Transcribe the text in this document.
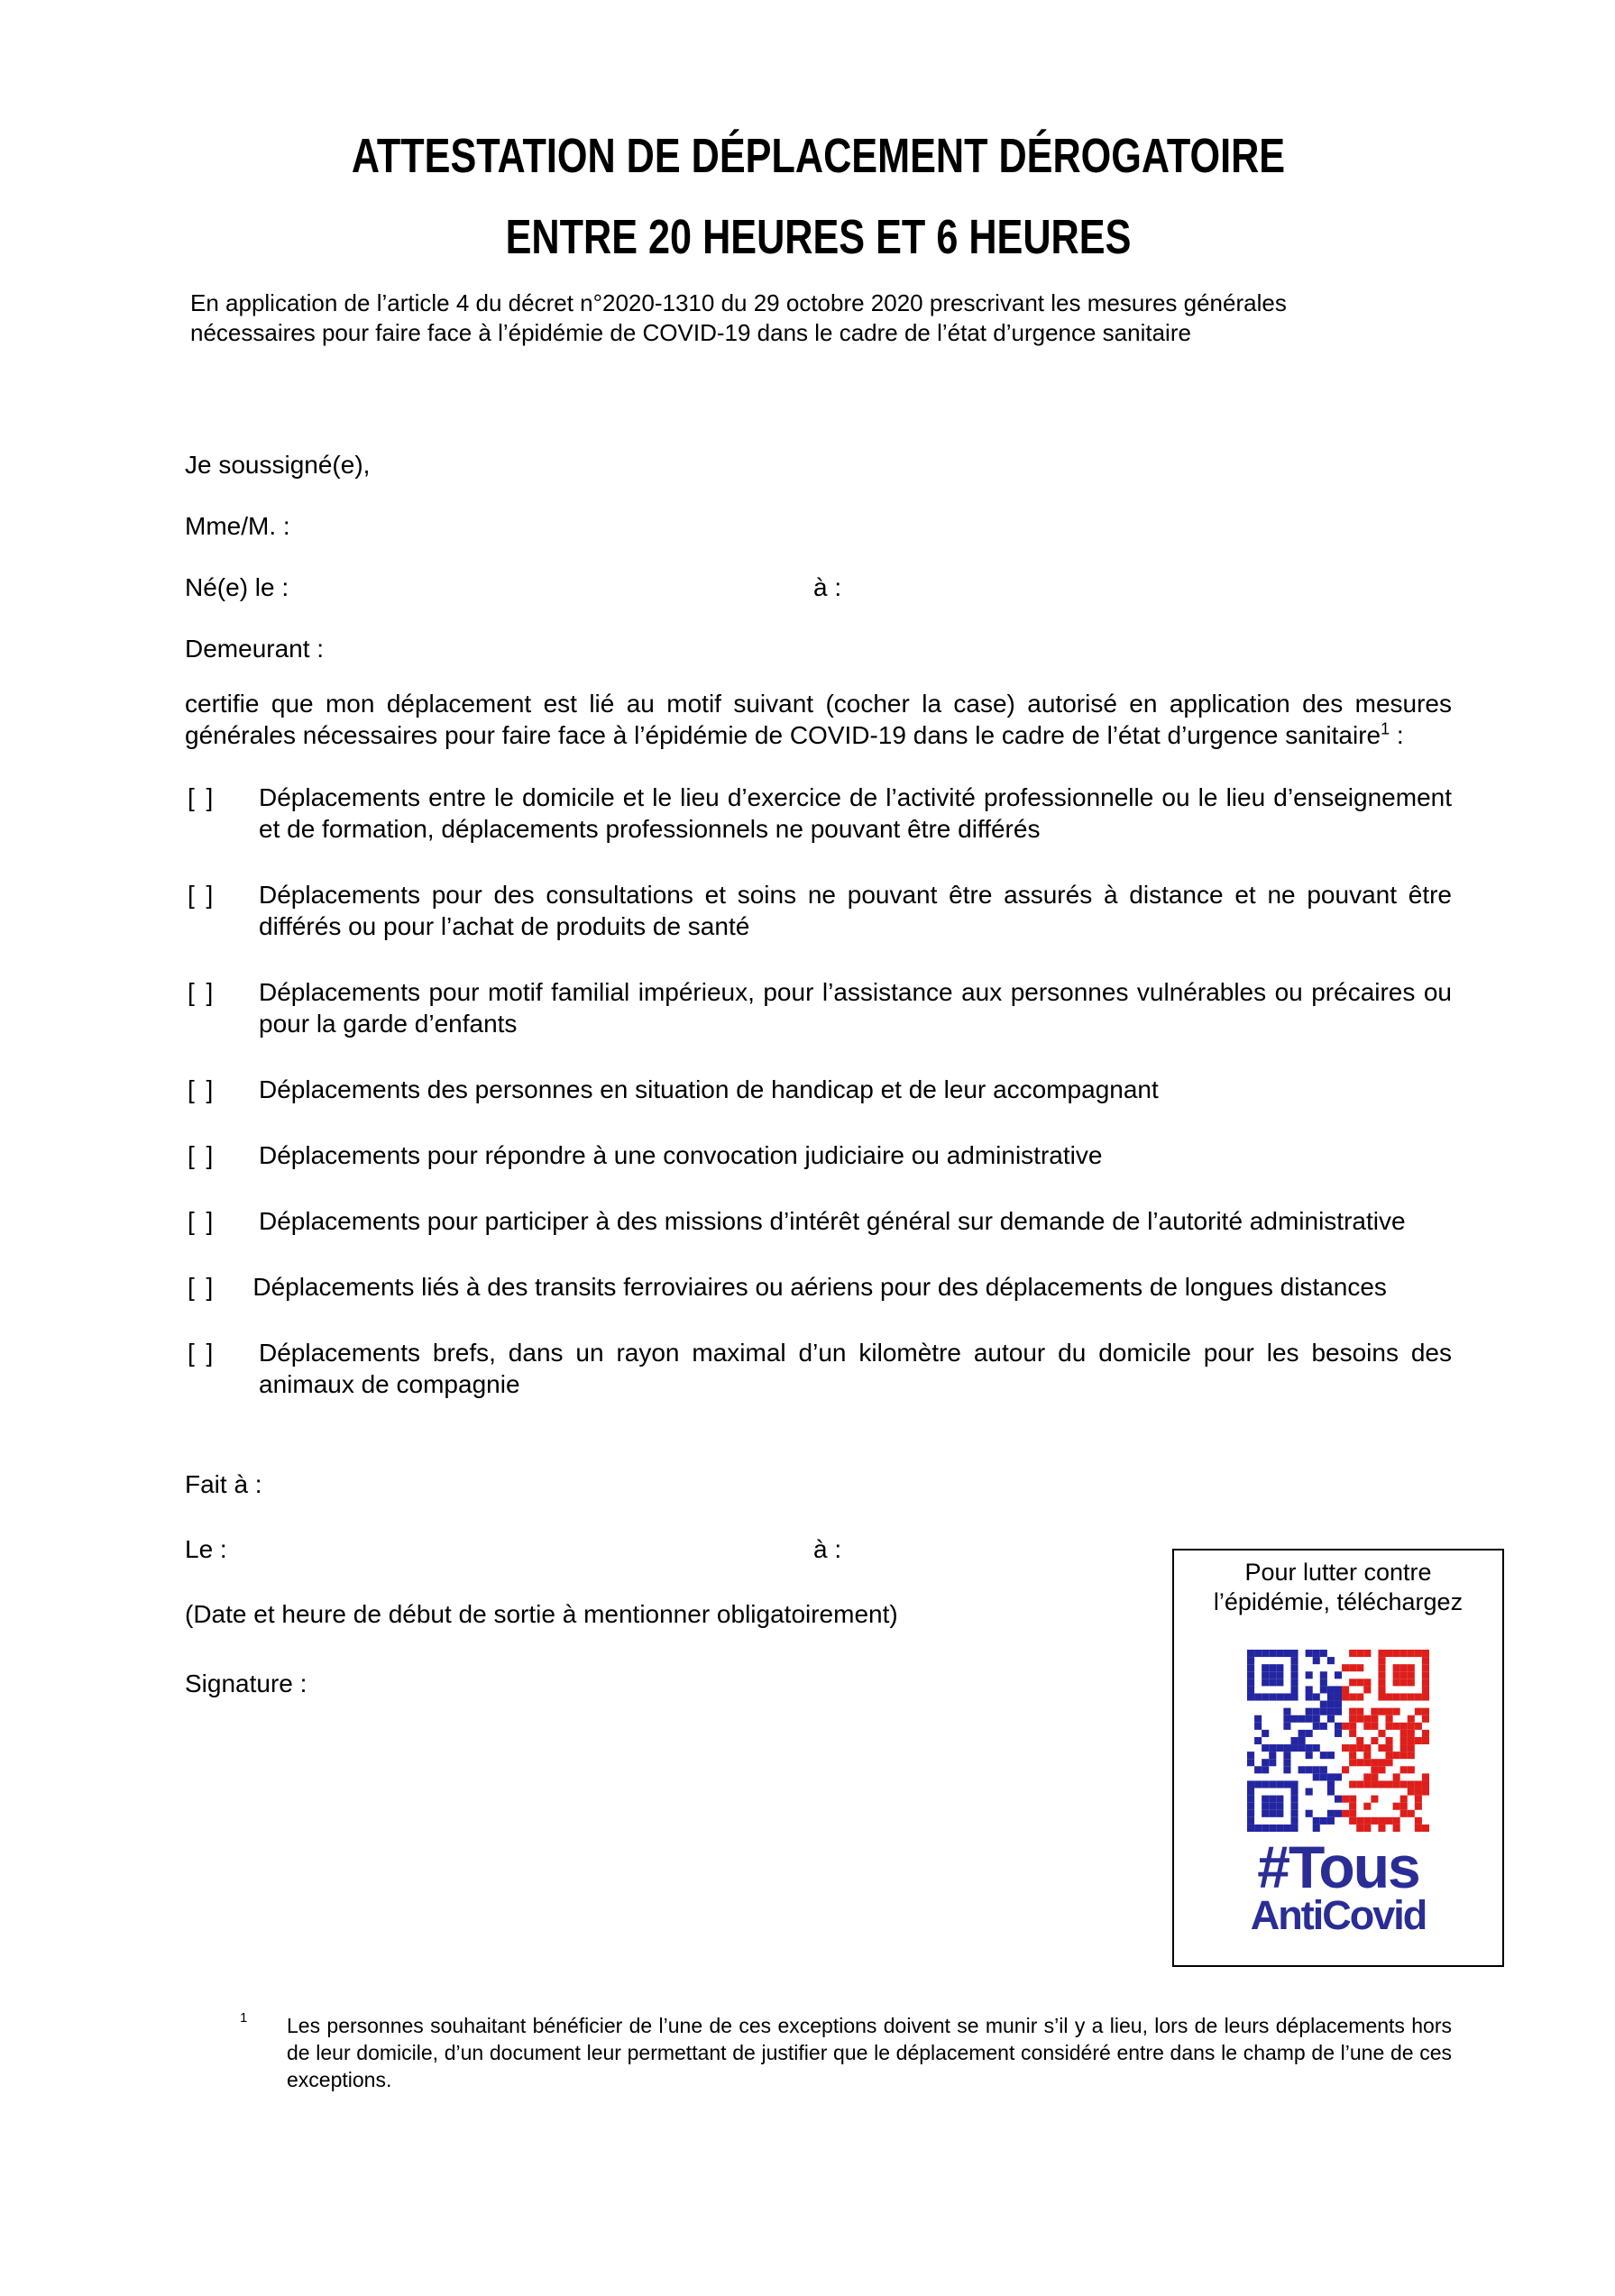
ATTESTATION DE DÉPLACEMENT DÉROGATOIRE
ENTRE 20 HEURES ET 6 HEURES

En application de l’article 4 du décret n°2020-1310 du 29 octobre 2020 prescrivant les mesures générales
nécessaires pour faire face à l’épidémie de COVID-19 dans le cadre de l’état d’urgence sanitaire

Je soussigné(e),

Mme/M. :

Né(e) le :	à :

Demeurant :

certifie que mon déplacement est lié au motif suivant (cocher la case) autorisé en application des mesures générales nécessaires pour faire face à l’épidémie de COVID-19 dans le cadre de l’état d’urgence sanitaire$^1$ :

[ ]	Déplacements entre le domicile et le lieu d’exercice de l’activité professionnelle ou le lieu d’enseignement et de formation, déplacements professionnels ne pouvant être différés
[ ]	Déplacements pour des consultations et soins ne pouvant être assurés à distance et ne pouvant être différés ou pour l’achat de produits de santé
[ ]	Déplacements pour motif familial impérieux, pour l’assistance aux personnes vulnérables ou précaires ou pour la garde d’enfants
[ ]	Déplacements des personnes en situation de handicap et de leur accompagnant
[ ]	Déplacements pour répondre à une convocation judiciaire ou administrative
[ ]	Déplacements pour participer à des missions d’intérêt général sur demande de l’autorité administrative

[ ] Déplacements liés à des transits ferroviaires ou aériens pour des déplacements de longues distances

[ ]	Déplacements brefs, dans un rayon maximal d’un kilomètre autour du domicile pour les besoins des animaux de compagnie

Fait à :

Le :	à :

(Date et heure de début de sortie à mentionner obligatoirement)

Signature :

Pour lutter contre
l’épidémie, téléchargez

#Tous
AntiCovid
1	Les personnes souhaitant bénéficier de l’une de ces exceptions doivent se munir s’il y a lieu, lors de leurs déplacements hors de leur domicile, d’un document leur permettant de justifier que le déplacement considéré entre dans le champ de l’une de ces exceptions.
